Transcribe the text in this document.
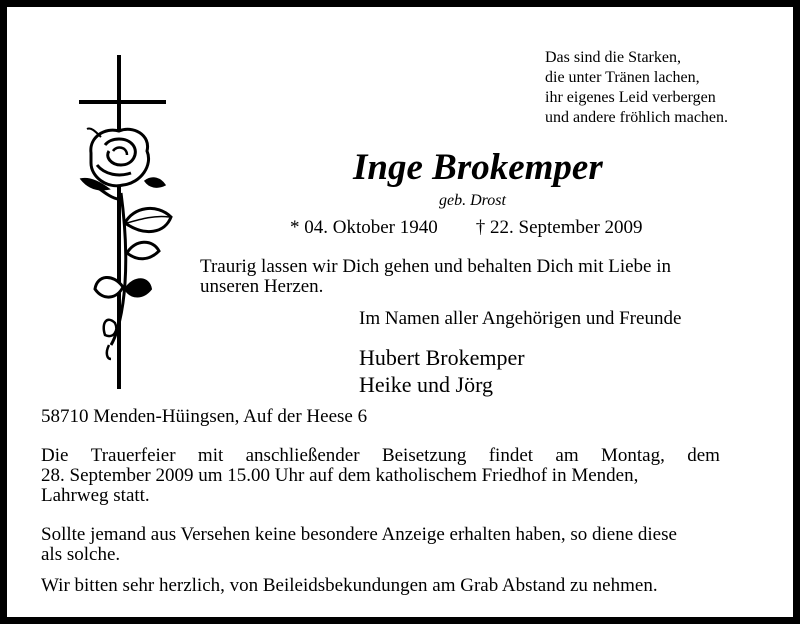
Das sind die Starken,
die unter Tränen lachen,
ihr eigenes Leid verbergen
und andere fröhlich machen.
Inge Brokemper
geb. Drost
* 04. Oktober 1940 † 22. September 2009
Traurig lassen wir Dich gehen und behalten Dich mit Liebe in
unseren Herzen.
Im Namen aller Angehörigen und Freunde
Hubert Brokemper
Heike und Jörg
58710 Menden-Hüingsen, Auf der Heese 6
Die Trauerfeier mit anschließender Beisetzung findet am Montag, dem
28. September 2009 um 15.00 Uhr auf dem katholischem Friedhof in Menden,
Lahrweg statt.
Sollte jemand aus Versehen keine besondere Anzeige erhalten haben, so diene diese
als solche.
Wir bitten sehr herzlich, von Beileidsbekundungen am Grab Abstand zu nehmen.
